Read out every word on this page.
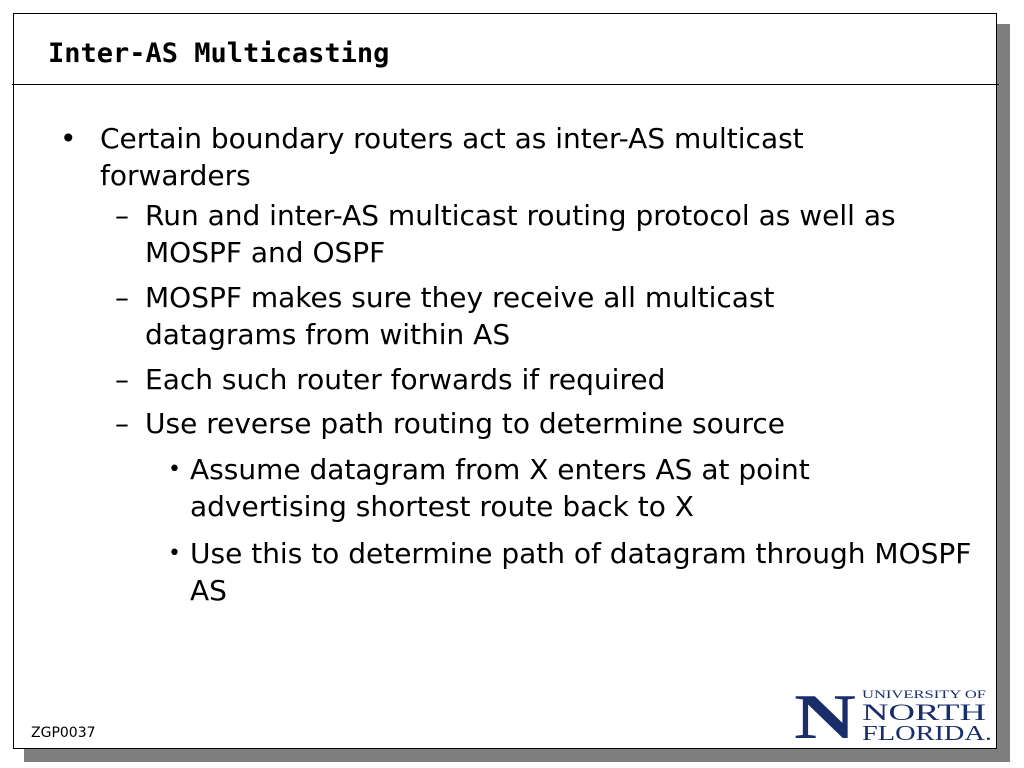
Inter-AS Multicasting
• Certain boundary routers act as inter-AS multicast forwarders
– Run and inter-AS multicast routing protocol as well as MOSPF and OSPF
– MOSPF makes sure they receive all multicast datagrams from within AS
– Each such router forwards if required
– Use reverse path routing to determine source
• Assume datagram from X enters AS at point advertising shortest route back to X
• Use this to determine path of datagram through MOSPF AS
ZGP0037	N UNIVERSITY OF
NORTH
FLORIDA.
